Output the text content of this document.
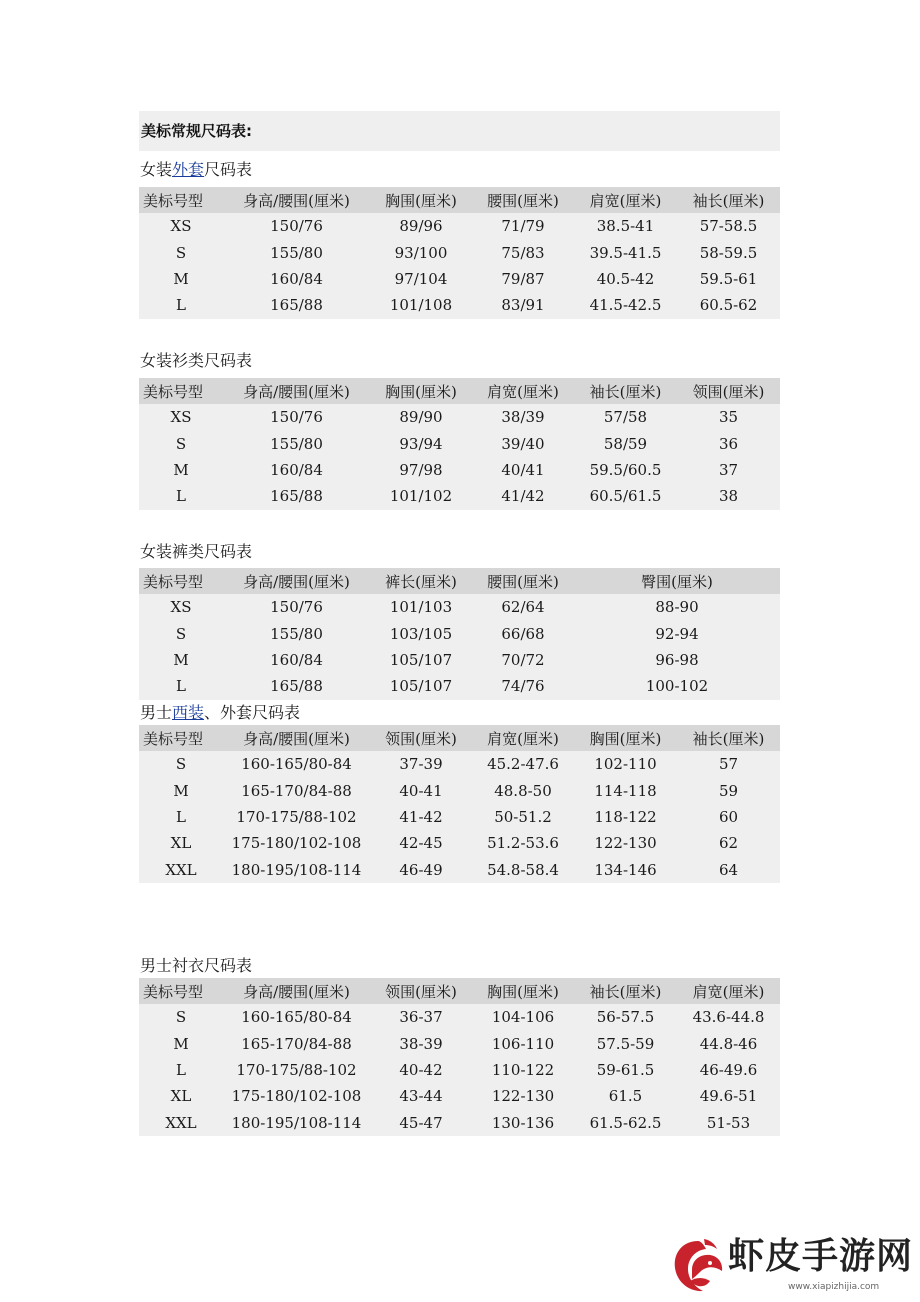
美标常规尺码表:
女装外套尺码表
美标号型	身高/腰围(厘米)	胸围(厘米)	腰围(厘米)	肩宽(厘米)	袖长(厘米)
XS	150/76	89/96	71/79	38.5-41	57-58.5
S	155/80	93/100	75/83	39.5-41.5	58-59.5
M	160/84	97/104	79/87	40.5-42	59.5-61
L	165/88	101/108	83/91	41.5-42.5	60.5-62
女装衫类尺码表
美标号型	身高/腰围(厘米)	胸围(厘米)	肩宽(厘米)	袖长(厘米)	领围(厘米)
XS	150/76	89/90	38/39	57/58	35
S	155/80	93/94	39/40	58/59	36
M	160/84	97/98	40/41	59.5/60.5	37
L	165/88	101/102	41/42	60.5/61.5	38
女装裤类尺码表
美标号型	身高/腰围(厘米)	裤长(厘米)	腰围(厘米)	臀围(厘米)
XS	150/76	101/103	62/64	88-90
S	155/80	103/105	66/68	92-94
M	160/84	105/107	70/72	96-98
L	165/88	105/107	74/76	100-102
男士西装、外套尺码表
美标号型	身高/腰围(厘米)	领围(厘米)	肩宽(厘米)	胸围(厘米)	袖长(厘米)
S	160-165/80-84	37-39	45.2-47.6	102-110	57
M	165-170/84-88	40-41	48.8-50	114-118	59
L	170-175/88-102	41-42	50-51.2	118-122	60
XL	175-180/102-108	42-45	51.2-53.6	122-130	62
XXL	180-195/108-114	46-49	54.8-58.4	134-146	64
男士衬衣尺码表
美标号型	身高/腰围(厘米)	领围(厘米)	胸围(厘米)	袖长(厘米)	肩宽(厘米)
S	160-165/80-84	36-37	104-106	56-57.5	43.6-44.8
M	165-170/84-88	38-39	106-110	57.5-59	44.8-46
L	170-175/88-102	40-42	110-122	59-61.5	46-49.6
XL	175-180/102-108	43-44	122-130	61.5	49.6-51
XXL	180-195/108-114	45-47	130-136	61.5-62.5	51-53
虾皮手游网
www.xiapizhijia.com
